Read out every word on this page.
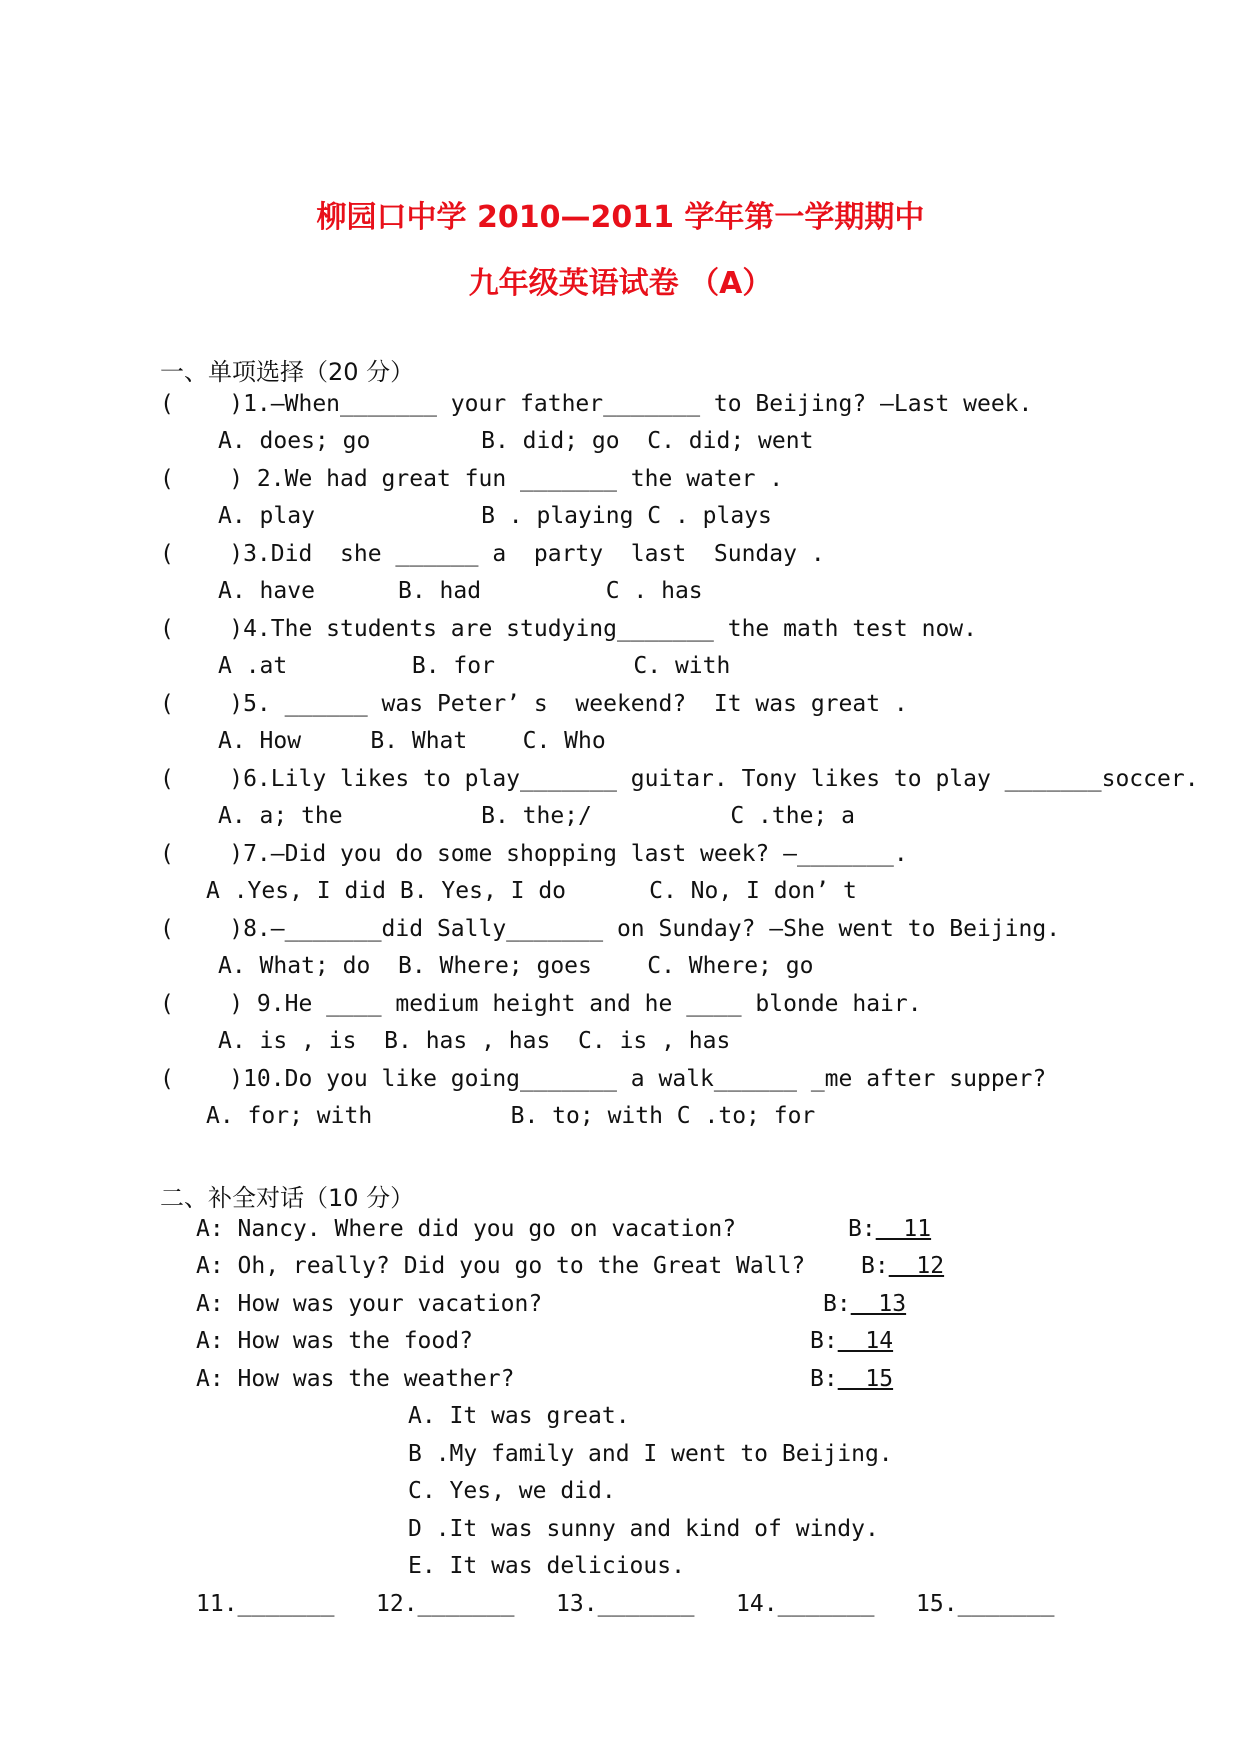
柳园口中学 2010—2011 学年第一学期期中
九年级英语试卷 （A）
一、单项选择（20 分）
(    )1.—When_______ your father_______ to Beijing? —Last week.
A. does; go        B. did; go  C. did; went
(    ) 2.We had great fun _______ the water .
A. play            B . playing C . plays
(    )3.Did  she ______ a  party  last  Sunday .
A. have      B. had         C . has
(    )4.The students are studying_______ the math test now.
A .at         B. for          C. with
(    )5. ______ was Peter’ s  weekend?  It was great .
A. How     B. What    C. Who
(    )6.Lily likes to play_______ guitar. Tony likes to play _______soccer.
A. a; the          B. the;/          C .the; a
(    )7.—Did you do some shopping last week? —_______.
A .Yes, I did B. Yes, I do      C. No, I don’ t
(    )8.—_______did Sally_______ on Sunday? —She went to Beijing.
A. What; do  B. Where; goes    C. Where; go
(    ) 9.He ____ medium height and he ____ blonde hair.
A. is , is  B. has , has  C. is , has
(    )10.Do you like going_______ a walk______ _me after supper?
A. for; with          B. to; with C .to; for
二、补全对话（10 分）
A: Nancy. Where did you go on vacation?	B:  11
A: Oh, really? Did you go to the Great Wall? B:  12
A: How was your vacation?	B:  13
A: How was the food?	B:  14
A: How was the weather?	B:  15
A. It was great.
B .My family and I went to Beijing.
C. Yes, we did.
D .It was sunny and kind of windy.
E. It was delicious.
11._______   12._______   13._______   14._______   15._______
